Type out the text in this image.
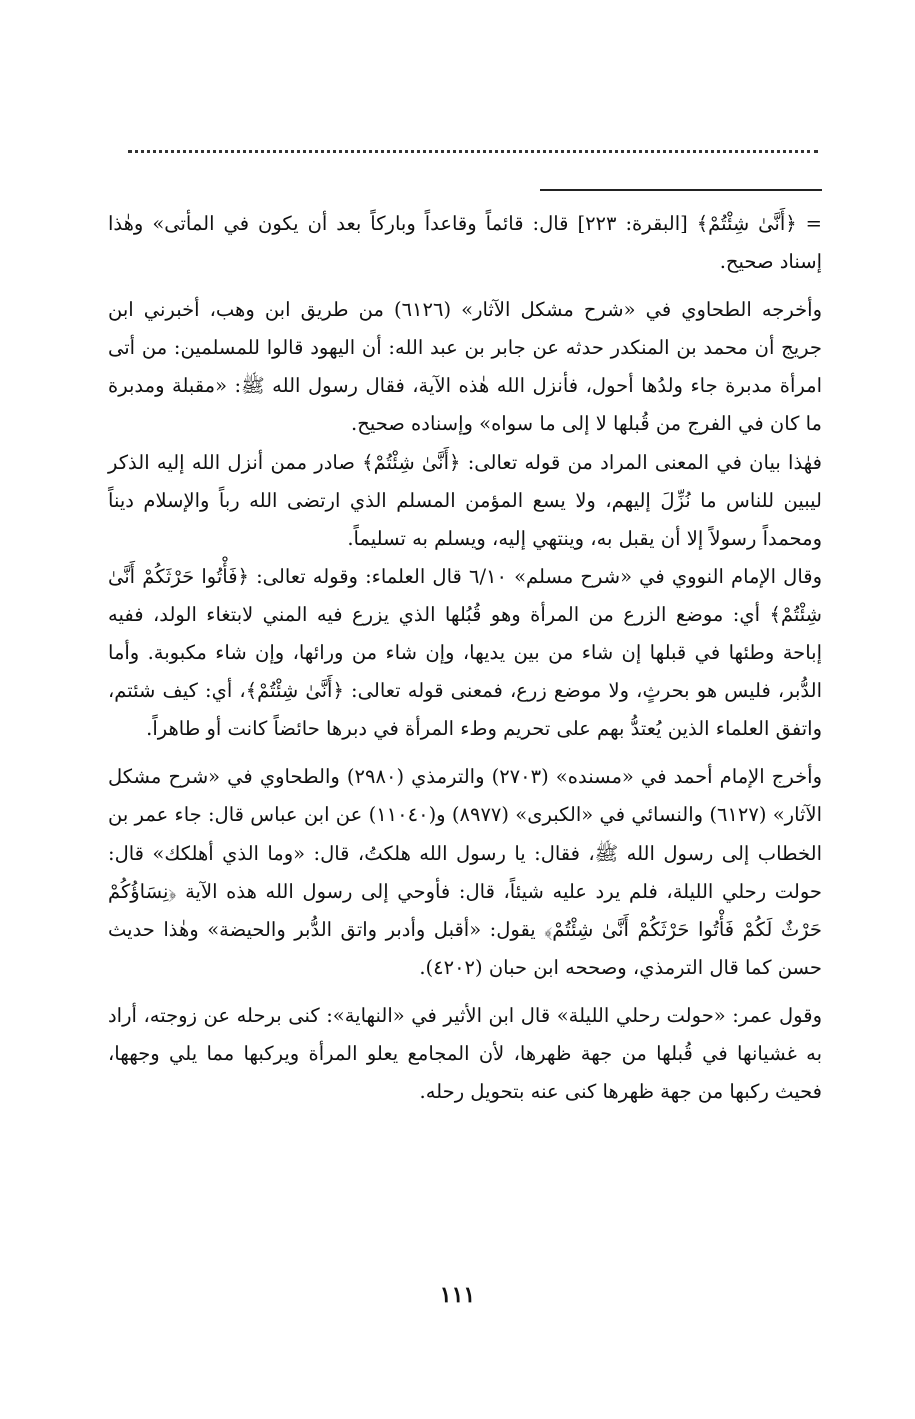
= ﴿أَنَّىٰ شِئْتُمْ﴾ [البقرة: ٢٢٣] قال: قائماً وقاعداً وباركاً بعد أن يكون في المأتى» وهٰذا إسناد صحيح.

وأخرجه الطحاوي في «شرح مشكل الآثار» (٦١٢٦) من طريق ابن وهب، أخبرني ابن جريج أن محمد بن المنكدر حدثه عن جابر بن عبد الله: أن اليهود قالوا للمسلمين: من أتى امرأة مدبرة جاء ولدُها أحول، فأنزل الله هٰذه الآية، فقال رسول الله ﷺ: «مقبلة ومدبرة ما كان في الفرج من قُبلها لا إلى ما سواه» وإسناده صحيح.

فهٰذا بيان في المعنى المراد من قوله تعالى: ﴿أَنَّىٰ شِئْتُمْ﴾ صادر ممن أنزل الله إليه الذكر ليبين للناس ما نُزِّلَ إليهم، ولا يسع المؤمن المسلم الذي ارتضى الله رباً والإسلام ديناً ومحمداً رسولاً إلا أن يقبل به، وينتهي إليه، ويسلم به تسليماً.

وقال الإمام النووي في «شرح مسلم» ٦/١٠ قال العلماء: وقوله تعالى: ﴿فَأْتُوا حَرْثَكُمْ أَنَّىٰ شِئْتُمْ﴾ أي: موضع الزرع من المرأة وهو قُبُلها الذي يزرع فيه المني لابتغاء الولد، ففيه إباحة وطئها في قبلها إن شاء من بين يديها، وإن شاء من ورائها، وإن شاء مكبوبة. وأما الدُّبر، فليس هو بحرثٍ، ولا موضع زرع، فمعنى قوله تعالى: ﴿أَنَّىٰ شِئْتُمْ﴾، أي: كيف شئتم، واتفق العلماء الذين يُعتدُّ بهم على تحريم وطء المرأة في دبرها حائضاً كانت أو طاهراً.

وأخرج الإمام أحمد في «مسنده» (٢٧٠٣) والترمذي (٢٩٨٠) والطحاوي في «شرح مشكل الآثار» (٦١٢٧) والنسائي في «الكبرى» (٨٩٧٧) و(١١٠٤٠) عن ابن عباس قال: جاء عمر بن الخطاب إلى رسول الله ﷺ، فقال: يا رسول الله هلكتُ، قال: «وما الذي أهلكك» قال: حولت رحلي الليلة، فلم يرد عليه شيئاً، قال: فأوحي إلى رسول الله هذه الآية ﴿نِسَاؤُكُمْ حَرْثٌ لَكُمْ فَأْتُوا حَرْثَكُمْ أَنَّىٰ شِئْتُمْ﴾ يقول: «أقبل وأدبر واتق الدُّبر والحيضة» وهٰذا حديث حسن كما قال الترمذي، وصححه ابن حبان (٤٢٠٢).

وقول عمر: «حولت رحلي الليلة» قال ابن الأثير في «النهاية»: كنى برحله عن زوجته، أراد به غشيانها في قُبلها من جهة ظهرها، لأن المجامع يعلو المرأة ويركبها مما يلي وجهها، فحيث ركبها من جهة ظهرها كنى عنه بتحويل رحله.

١١١
